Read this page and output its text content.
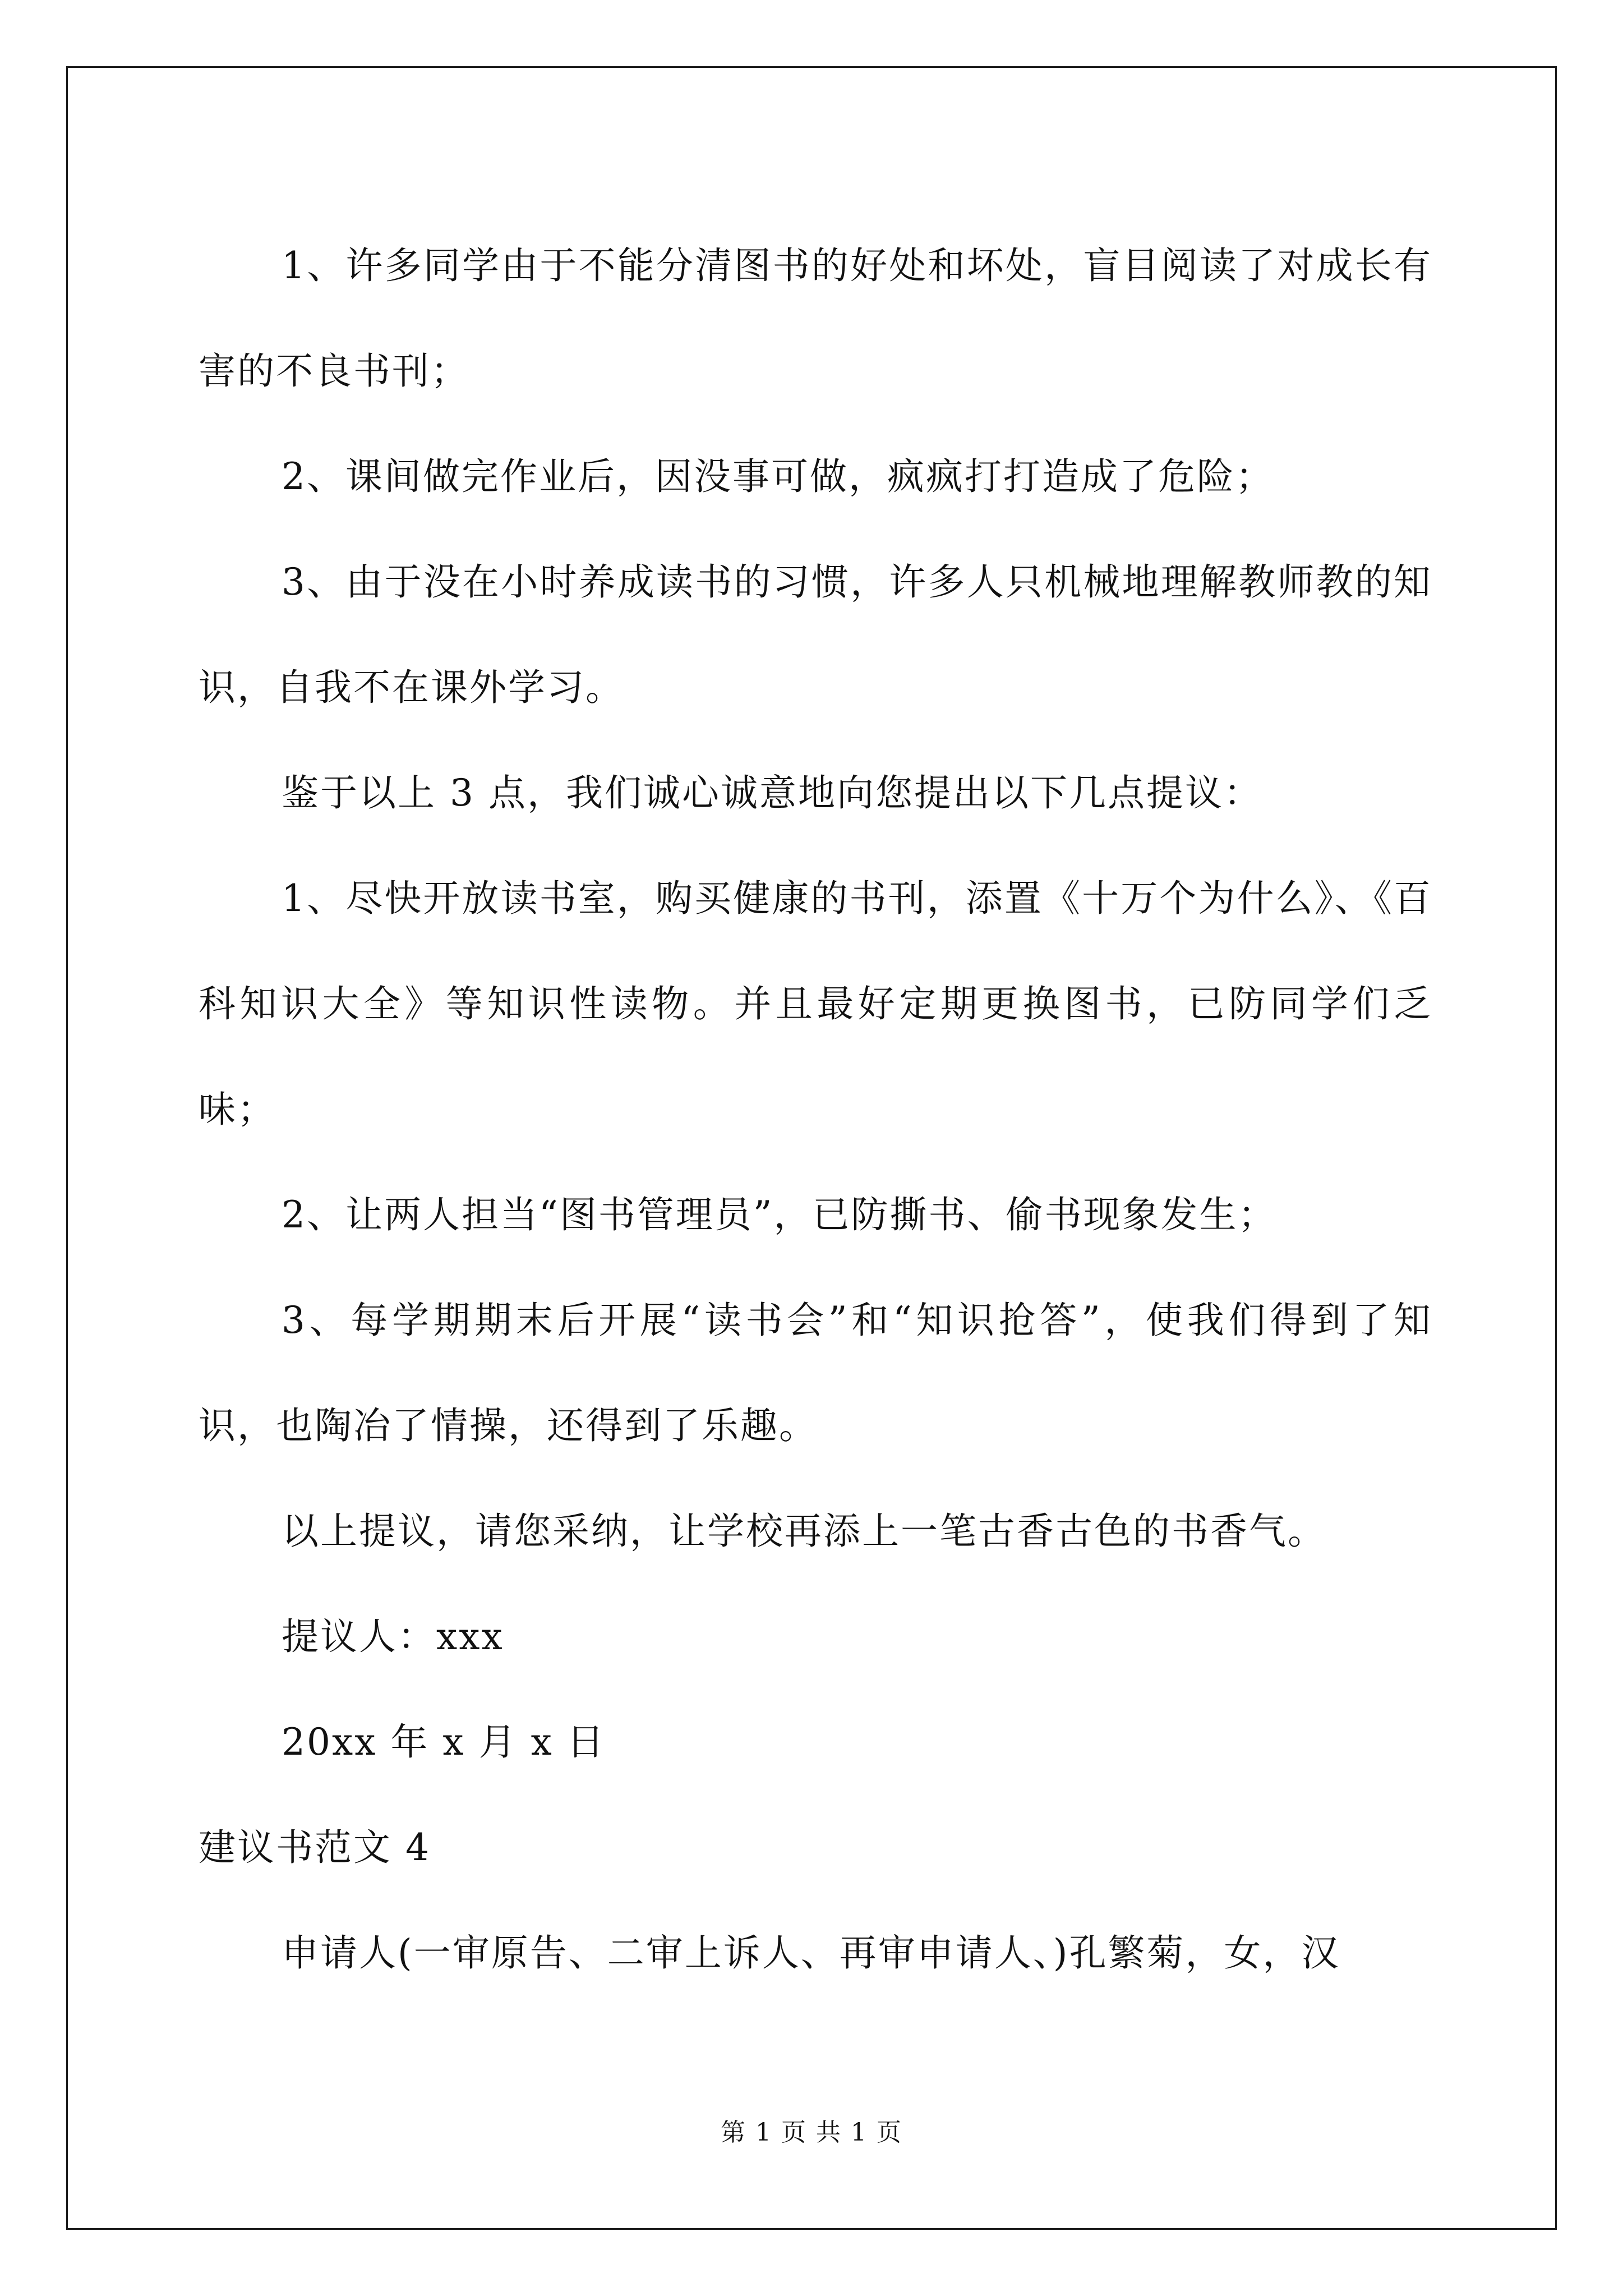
1、许多同学由于不能分清图书的好处和坏处，盲目阅读了对成长有害的不良书刊；

2、课间做完作业后，因没事可做，疯疯打打造成了危险；

3、由于没在小时养成读书的习惯，许多人只机械地理解教师教的知识，自我不在课外学习。

鉴于以上 3 点，我们诚心诚意地向您提出以下几点提议：

1、尽快开放读书室，购买健康的书刊，添置《十万个为什么》、《百科知识大全》等知识性读物。并且最好定期更换图书，已防同学们乏味；

2、让两人担当“图书管理员”，已防撕书、偷书现象发生；

3、每学期期末后开展“读书会”和“知识抢答”，使我们得到了知识，也陶冶了情操，还得到了乐趣。

以上提议，请您采纳，让学校再添上一笔古香古色的书香气。

提议人：xxx

20xx 年 x 月 x 日

建议书范文 4

申请人(一审原告、二审上诉人、再审申请人、)孔繁菊，女，汉

第 1 页 共 1 页
